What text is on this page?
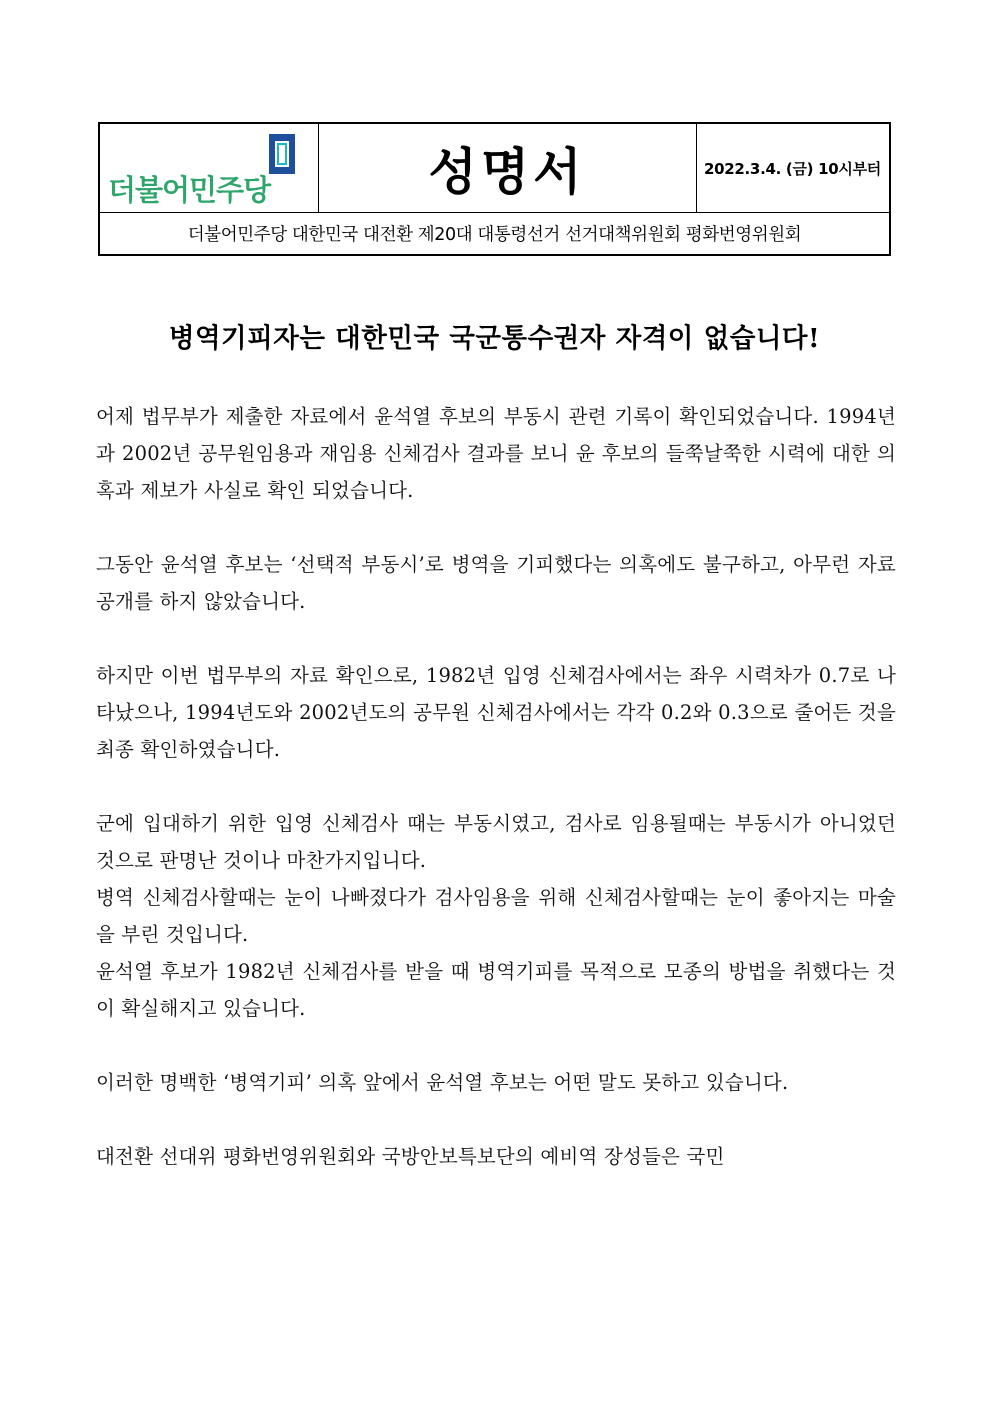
더불어민주당	성명서	2022.3.4. (금) 10시부터
더불어민주당 대한민국 대전환 제20대 대통령선거 선거대책위원회 평화번영위원회
병역기피자는 대한민국 국군통수권자 자격이 없습니다!

어제 법무부가 제출한 자료에서 윤석열 후보의 부동시 관련 기록이 확인되었습니다. 1994년과 2002년 공무원임용과 재임용 신체검사 결과를 보니 윤 후보의 들쭉날쭉한 시력에 대한 의혹과 제보가 사실로 확인 되었습니다.

그동안 윤석열 후보는 ‘선택적 부동시’로 병역을 기피했다는 의혹에도 불구하고, 아무런 자료공개를 하지 않았습니다.

하지만 이번 법무부의 자료 확인으로, 1982년 입영 신체검사에서는 좌우 시력차가 0.7로 나타났으나, 1994년도와 2002년도의 공무원 신체검사에서는 각각 0.2와 0.3으로 줄어든 것을 최종 확인하였습니다.

군에 입대하기 위한 입영 신체검사 때는 부동시였고, 검사로 임용될때는 부동시가 아니었던 것으로 판명난 것이나 마찬가지입니다.

병역 신체검사할때는 눈이 나빠졌다가 검사임용을 위해 신체검사할때는 눈이 좋아지는 마술을 부린 것입니다.

윤석열 후보가 1982년 신체검사를 받을 때 병역기피를 목적으로 모종의 방법을 취했다는 것이 확실해지고 있습니다.

이러한 명백한 ‘병역기피’ 의혹 앞에서 윤석열 후보는 어떤 말도 못하고 있습니다.

대전환 선대위 평화번영위원회와 국방안보특보단의 예비역 장성들은 국민
